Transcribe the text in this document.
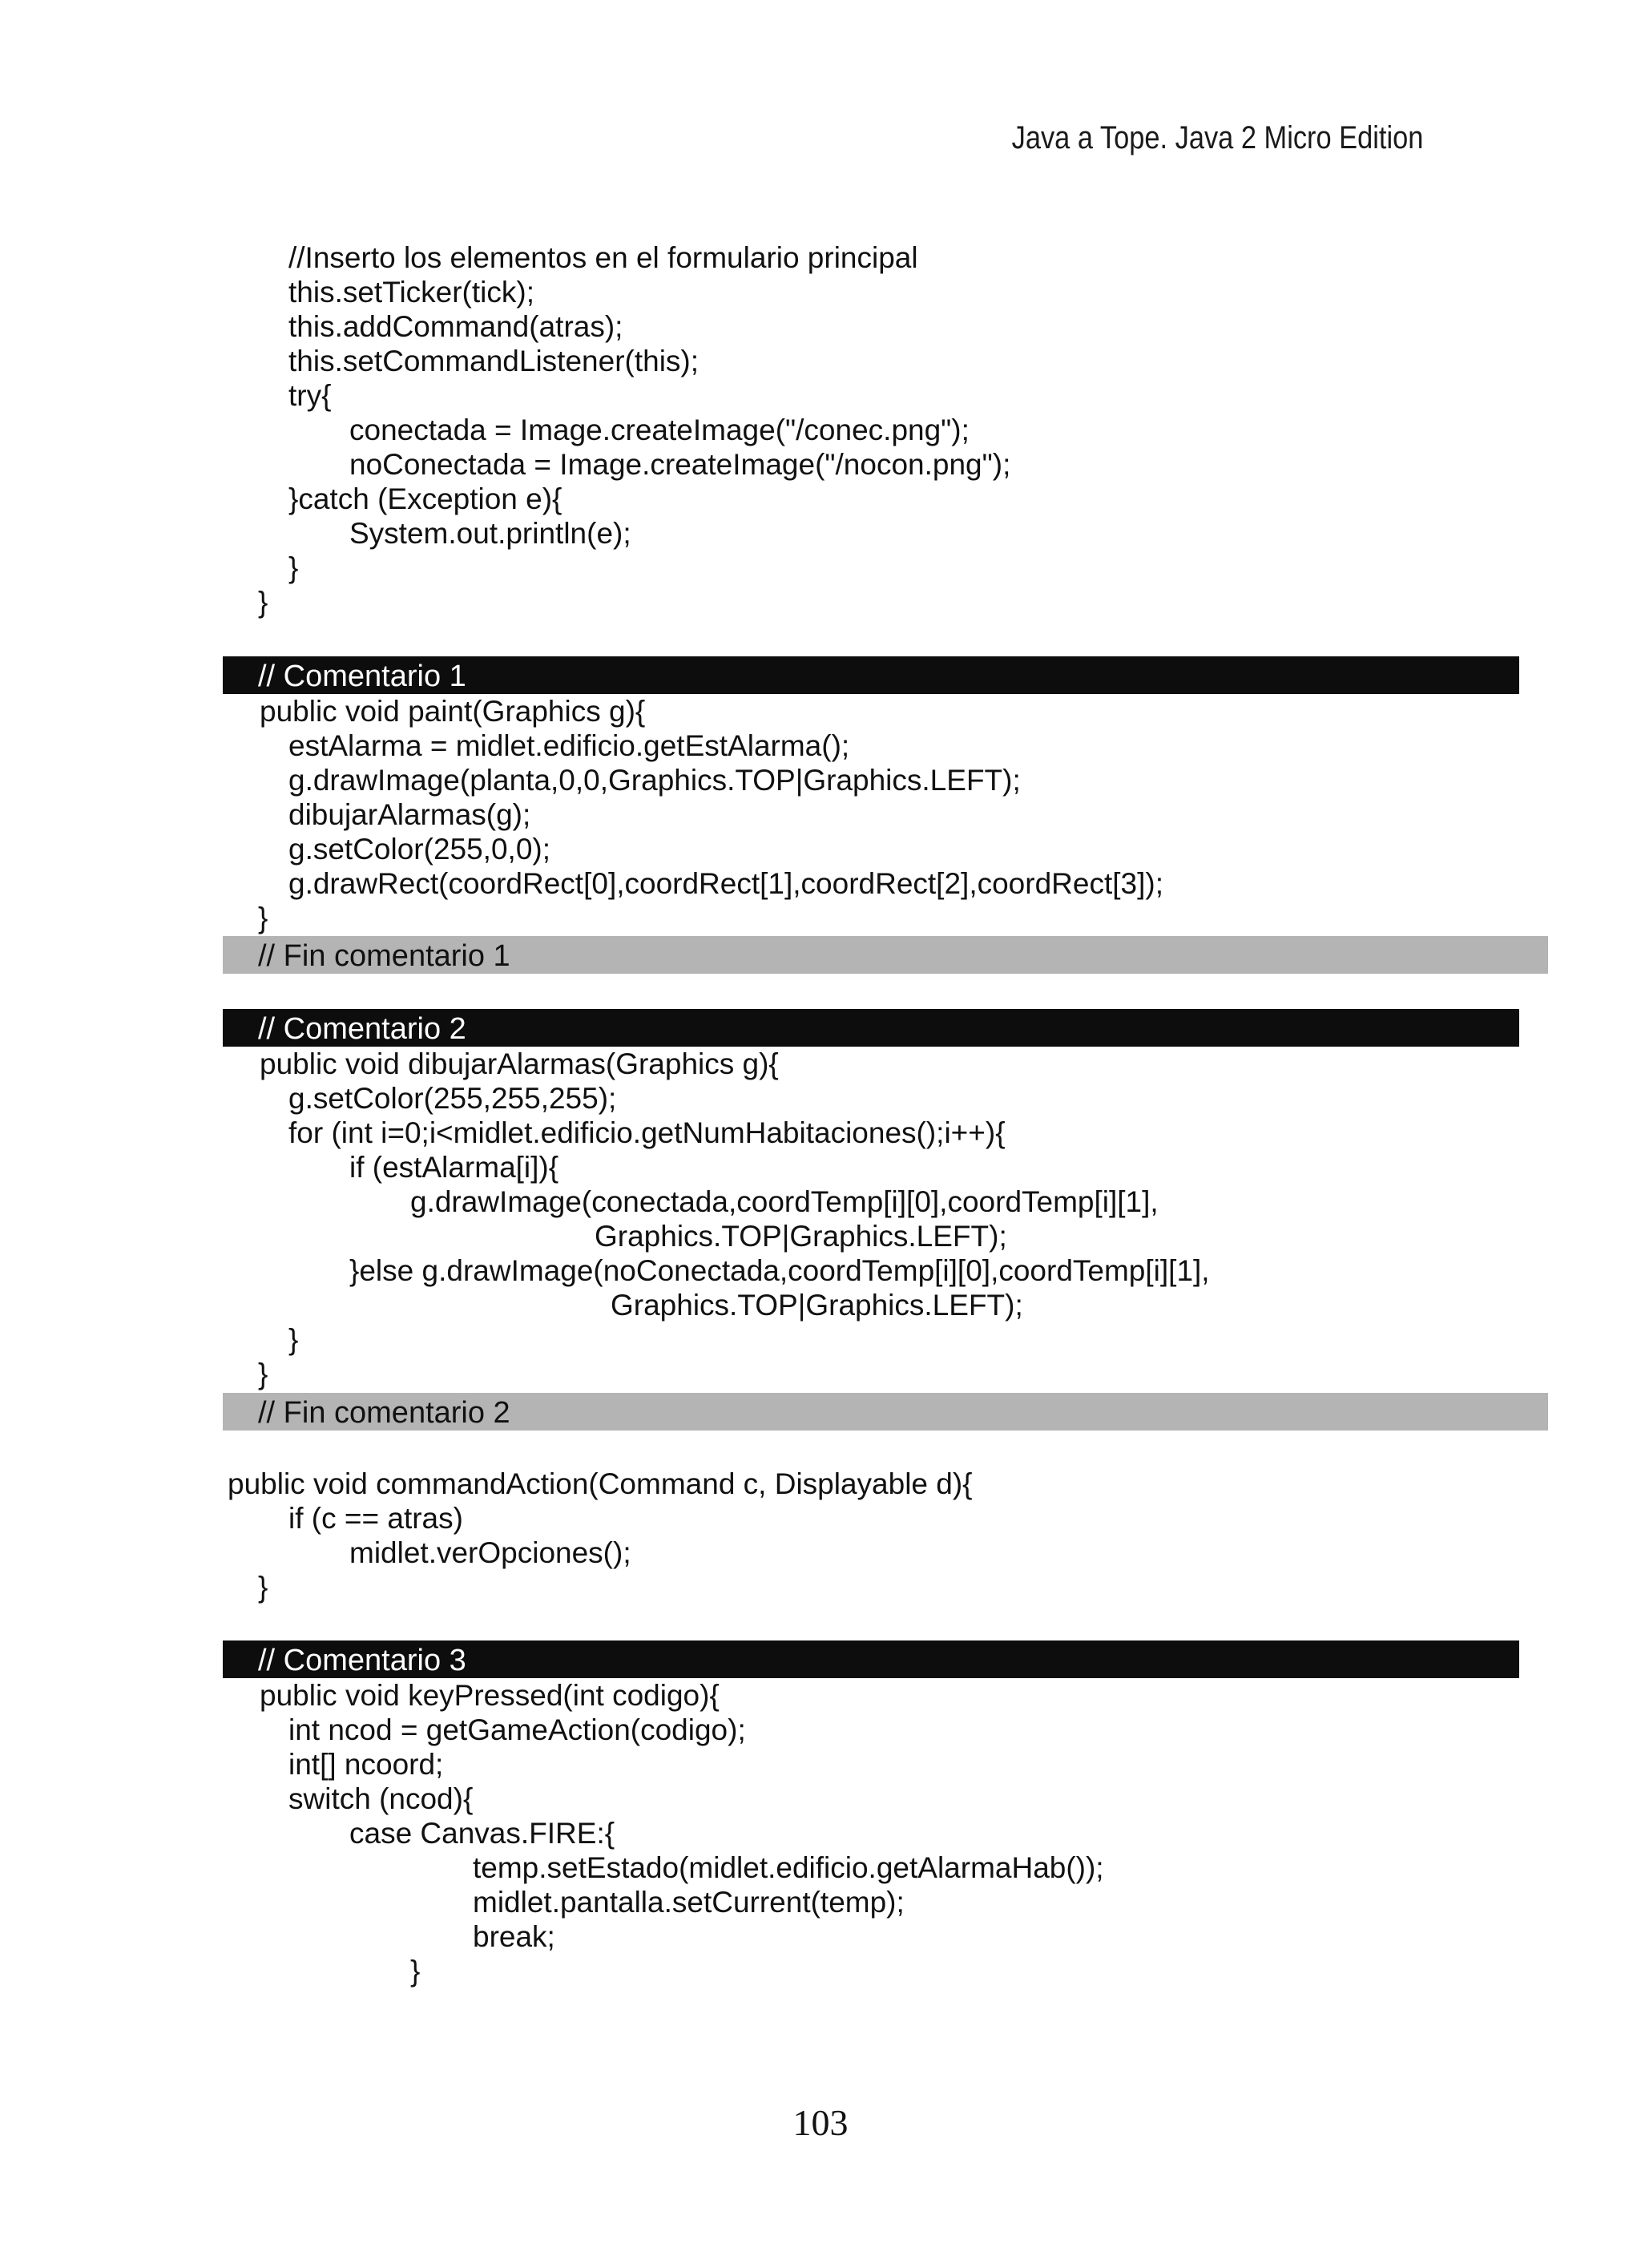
Java a Tope. Java 2 Micro Edition
//Inserto los elementos en el formulario principal
this.setTicker(tick);
this.addCommand(atras);
this.setCommandListener(this);
try{
conectada = Image.createImage("/conec.png");
noConectada = Image.createImage("/nocon.png");
}catch (Exception e){
System.out.println(e);
}
}
// Comentario 1
public void paint(Graphics g){
estAlarma = midlet.edificio.getEstAlarma();
g.drawImage(planta,0,0,Graphics.TOP|Graphics.LEFT);
dibujarAlarmas(g);
g.setColor(255,0,0);
g.drawRect(coordRect[0],coordRect[1],coordRect[2],coordRect[3]);
}
// Fin comentario 1
// Comentario 2
public void dibujarAlarmas(Graphics g){
g.setColor(255,255,255);
for (int i=0;i<midlet.edificio.getNumHabitaciones();i++){
if (estAlarma[i]){
g.drawImage(conectada,coordTemp[i][0],coordTemp[i][1],
Graphics.TOP|Graphics.LEFT);
}else g.drawImage(noConectada,coordTemp[i][0],coordTemp[i][1],
Graphics.TOP|Graphics.LEFT);
}
}
// Fin comentario 2
public void commandAction(Command c, Displayable d){
if (c == atras)
midlet.verOpciones();
}
// Comentario 3
public void keyPressed(int codigo){
int ncod = getGameAction(codigo);
int[] ncoord;
switch (ncod){
case Canvas.FIRE:{
temp.setEstado(midlet.edificio.getAlarmaHab());
midlet.pantalla.setCurrent(temp);
break;
}
103
